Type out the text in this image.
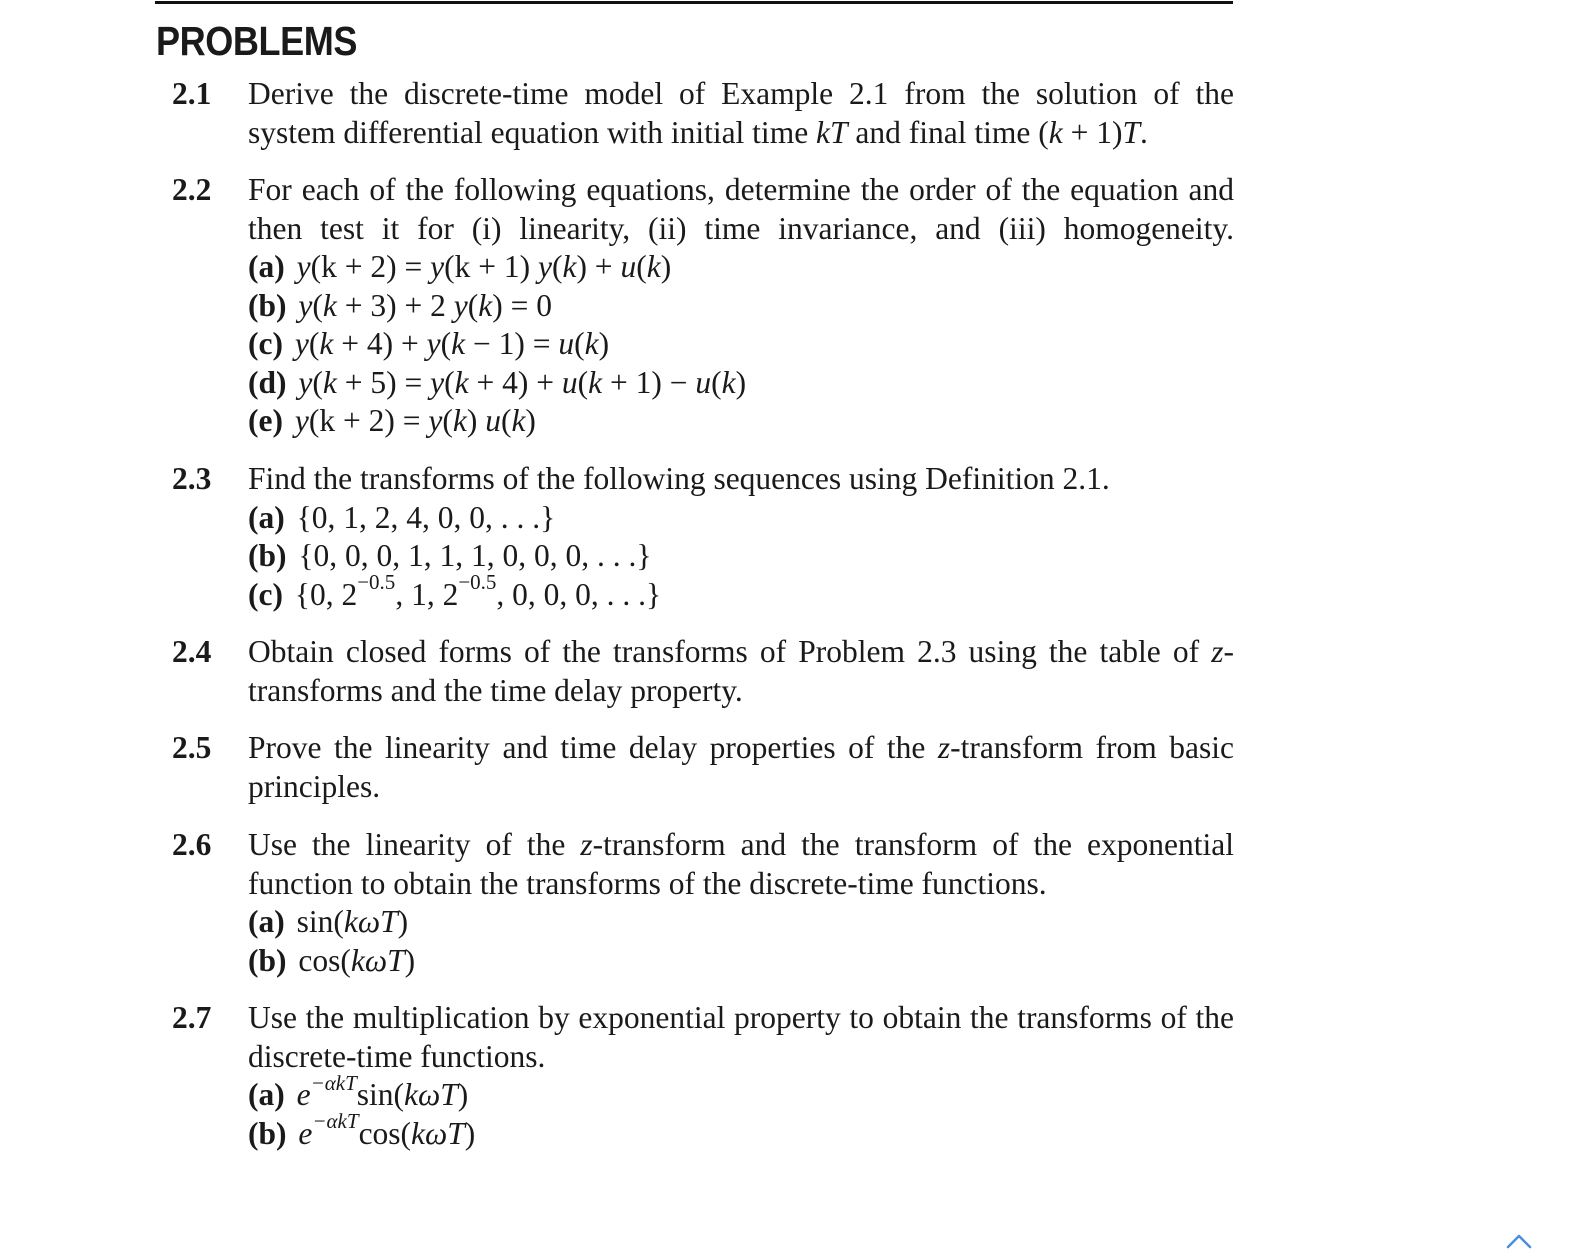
PROBLEMS
2.1 Derive the discrete-time model of Example 2.1 from the solution of the system differential equation with initial time kT and final time (k + 1)T.
2.2 For each of the following equations, determine the order of the equation and then test it for (i) linearity, (ii) time invariance, and (iii) homogeneity.
(a) y(k + 2) = y(k + 1) y(k) + u(k)
(b) y(k + 3) + 2 y(k) = 0
(c) y(k + 4) + y(k − 1) = u(k)
(d) y(k + 5) = y(k + 4) + u(k + 1) − u(k)
(e) y(k + 2) = y(k) u(k)
2.3 Find the transforms of the following sequences using Definition 2.1.
(a) {0, 1, 2, 4, 0, 0, . . .}
(b) {0, 0, 0, 1, 1, 1, 0, 0, 0, . . .}
(c) {0, $2^{-0.5}$, 1, $2^{-0.5}$, 0, 0, 0, . . .}
2.4 Obtain closed forms of the transforms of Problem 2.3 using the table of z-transforms and the time delay property.
2.5 Prove the linearity and time delay properties of the z-transform from basic principles.
2.6 Use the linearity of the z-transform and the transform of the exponential function to obtain the transforms of the discrete-time functions.
(a) sin(kωT)
(b) cos(kωT)
2.7 Use the multiplication by exponential property to obtain the transforms of the discrete-time functions.
(a) $e^{-\alpha kT}\sin(k\omega T)$
(b) $e^{-\alpha kT}\cos(k\omega T)$
